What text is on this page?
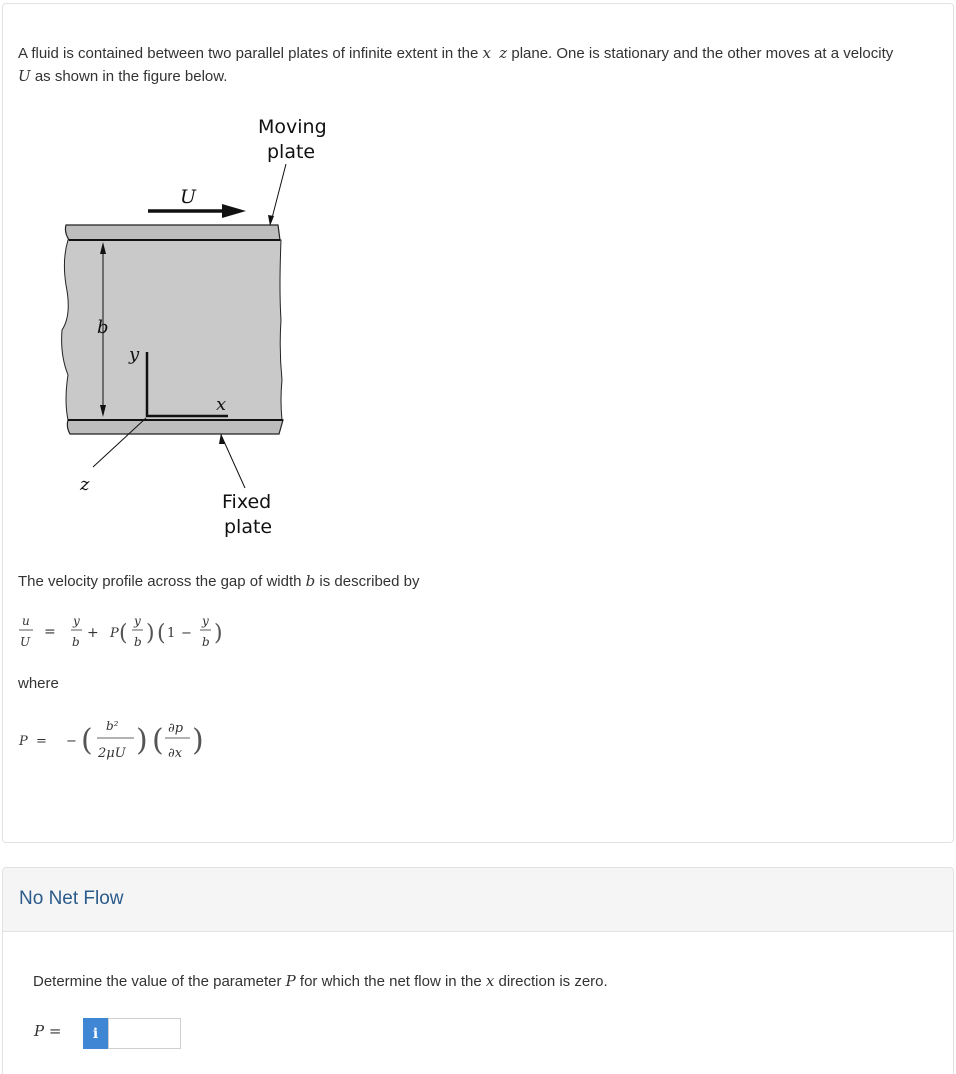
A fluid is contained between two parallel plates of infinite extent in the x z plane. One is stationary and the other moves at a velocity
U as shown in the figure below.
b
y
x
z
U
Moving
plate
Fixed
plate
The velocity profile across the gap of width b is described by
u
U
=
y
b
+ P ( y
b ) ( 1 −
y
b )
where
P = − ( b²
2μU ) ( ∂p
∂x )
No Net Flow
Determine the value of the parameter P for which the net flow in the x direction is zero.
P =	i
